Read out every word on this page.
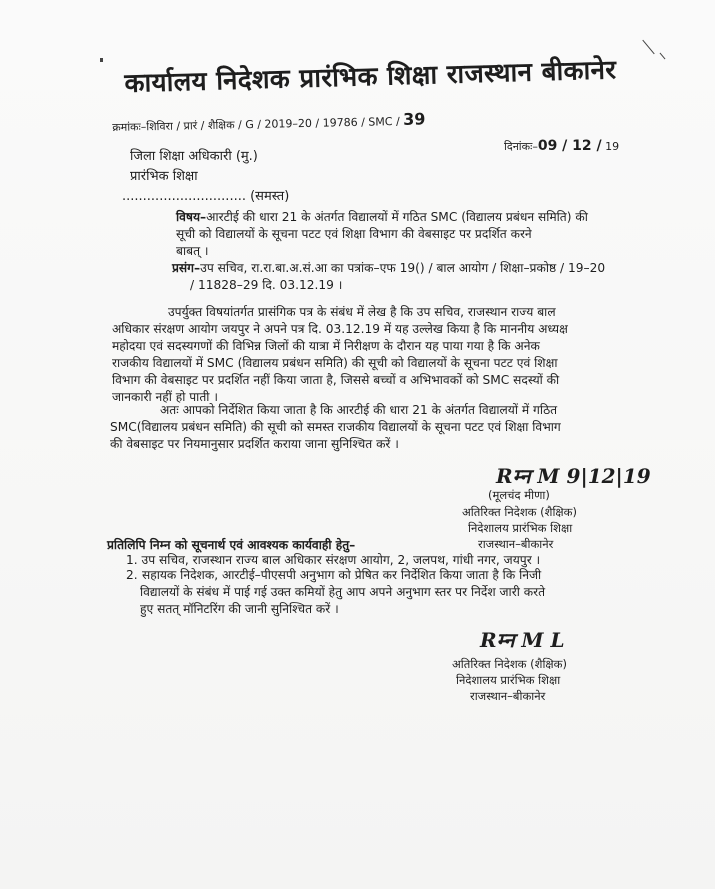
कार्यालय निदेशक प्रारंभिक शिक्षा राजस्थान बीकानेर
क्रमांकः–शिविरा / प्रारं / शैक्षिक / G / 2019–20 / 19786 / SMC / 39
दिनांकः–09 / 12 / 19
जिला शिक्षा अधिकारी (मु.)
प्रारंभिक शिक्षा
.............................. (समस्त)
विषय–आरटीई की धारा 21 के अंतर्गत विद्यालयों में गठित SMC (विद्यालय प्रबंधन समिति) की
सूची को विद्यालयों के सूचना पटट एवं शिक्षा विभाग की वेबसाइट पर प्रदर्शित करने
बाबत् ।
प्रसंग–उप सचिव, रा.रा.बा.अ.सं.आ का पत्रांक–एफ 19() / बाल आयोग / शिक्षा–प्रकोष्ठ / 19–20
/ 11828–29 दि. 03.12.19 ।
उपर्युक्त विषयांतर्गत प्रासंगिक पत्र के संबंध में लेख है कि उप सचिव, राजस्थान राज्य बाल
अधिकार संरक्षण आयोग जयपुर ने अपने पत्र दि. 03.12.19 में यह उल्लेख किया है कि माननीय अध्यक्ष
महोदया एवं सदस्यगणों की विभिन्न जिलों की यात्रा में निरीक्षण के दौरान यह पाया गया है कि अनेक
राजकीय विद्यालयों में SMC (विद्यालय प्रबंधन समिति) की सूची को विद्यालयों के सूचना पटट एवं शिक्षा
विभाग की वेबसाइट पर प्रदर्शित नहीं किया जाता है, जिससे बच्चों व अभिभावकों को SMC सदस्यों की
जानकारी नहीं हो पाती ।
अतः आपको निर्देशित किया जाता है कि आरटीई की धारा 21 के अंतर्गत विद्यालयों में गठित
SMC(विद्यालय प्रबंधन समिति) की सूची को समस्त राजकीय विद्यालयों के सूचना पटट एवं शिक्षा विभाग
की वेबसाइट पर नियमानुसार प्रदर्शित कराया जाना सुनिश्चित करें ।
Rम्न M 9|12|19
(मूलचंद मीणा)
अतिरिक्त निदेशक (शैक्षिक)
निदेशालय प्रारंभिक शिक्षा
राजस्थान–बीकानेर
प्रतिलिपि निम्न को सूचनार्थ एवं आवश्यक कार्यवाही हेतु–
1. उप सचिव, राजस्थान राज्य बाल अधिकार संरक्षण आयोग, 2, जलपथ, गांधी नगर, जयपुर ।
2. सहायक निदेशक, आरटीई–पीएसपी अनुभाग को प्रेषित कर निर्देशित किया जाता है कि निजी
विद्यालयों के संबंध में पाई गई उक्त कमियों हेतु आप अपने अनुभाग स्तर पर निर्देश जारी करते
हुए सतत् मॉनिटरिंग की जानी सुनिश्चित करें ।
Rम्न M L
अतिरिक्त निदेशक (शैक्षिक)
निदेशालय प्रारंभिक शिक्षा
राजस्थान–बीकानेर
